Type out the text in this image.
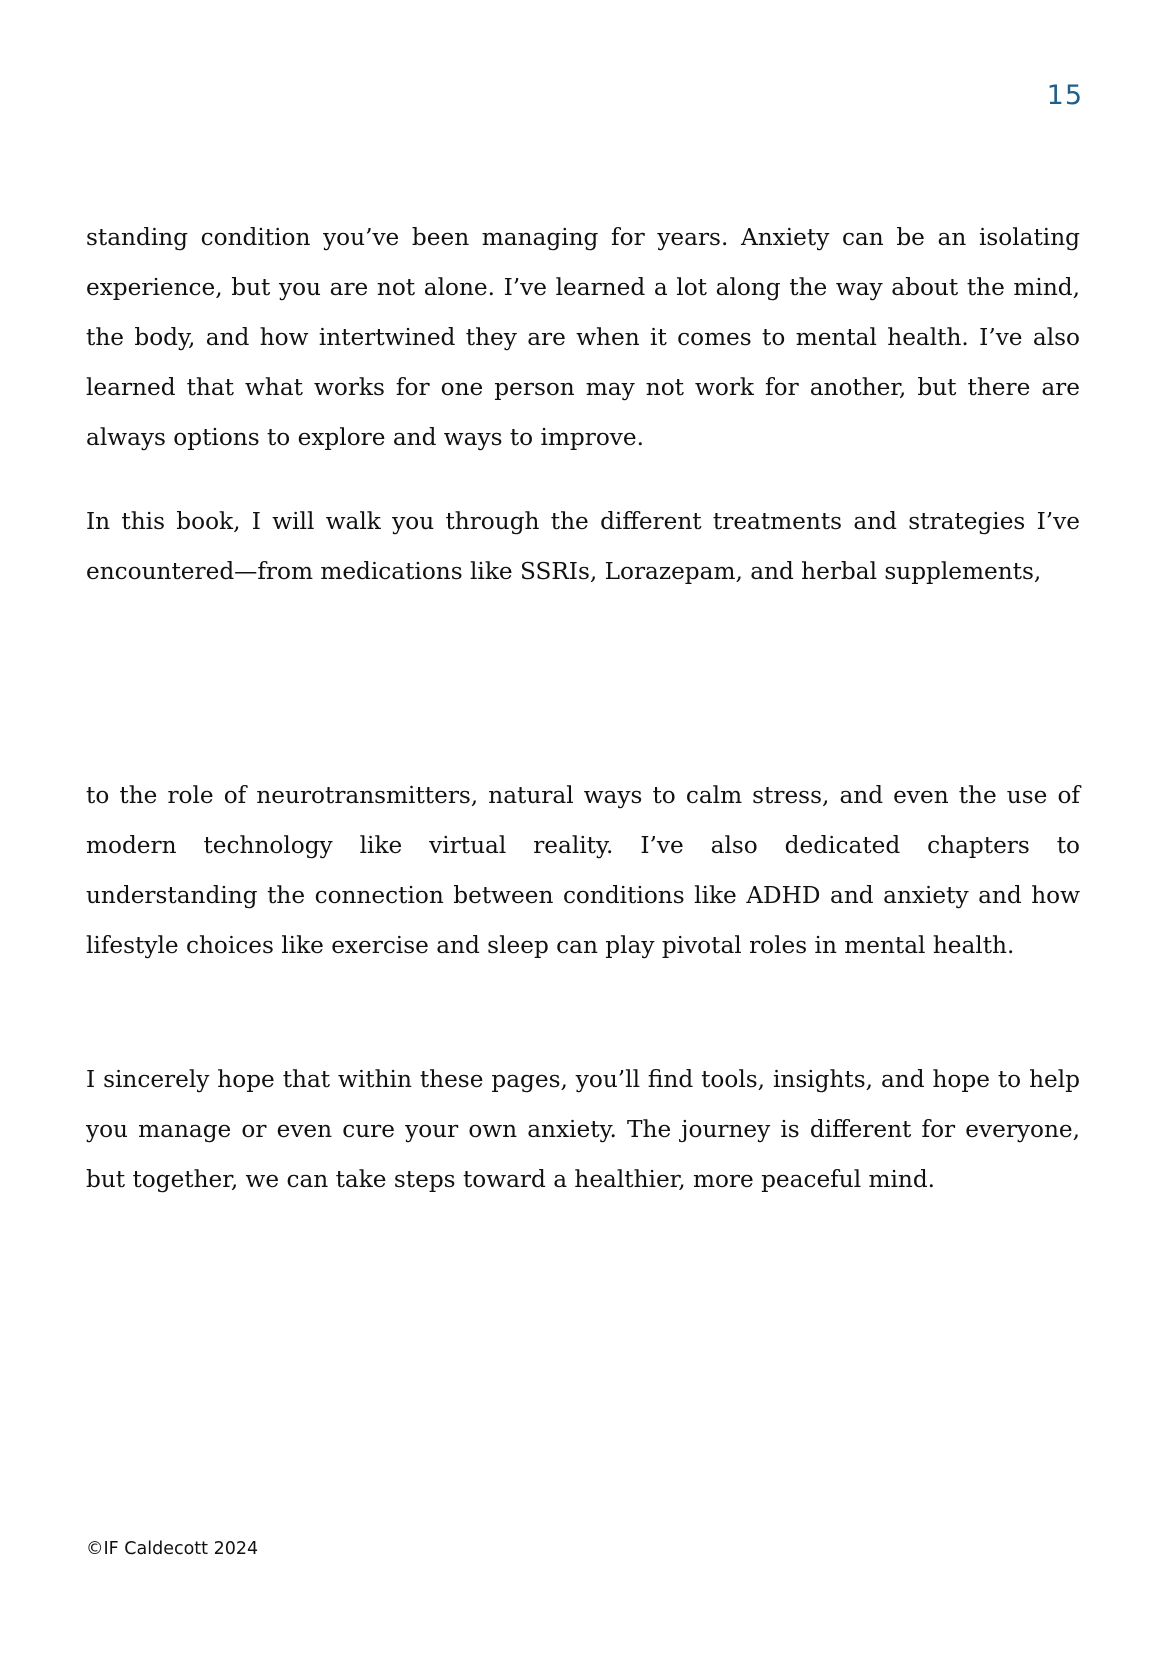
15

standing condition you’ve been managing for years. Anxiety can be an isolating experience, but you are not alone. I’ve learned a lot along the way about the mind, the body, and how intertwined they are when it comes to mental health. I’ve also learned that what works for one person may not work for another, but there are always options to explore and ways to improve.

In this book, I will walk you through the different treatments and strategies I’ve encountered—from medications like SSRIs, Lorazepam, and herbal supplements,

to the role of neurotransmitters, natural ways to calm stress, and even the use of modern technology like virtual reality. I’ve also dedicated chapters to understanding the connection between conditions like ADHD and anxiety and how lifestyle choices like exercise and sleep can play pivotal roles in mental health.

I sincerely hope that within these pages, you’ll find tools, insights, and hope to help you manage or even cure your own anxiety. The journey is different for everyone, but together, we can take steps toward a healthier, more peaceful mind.

©IF Caldecott 2024
